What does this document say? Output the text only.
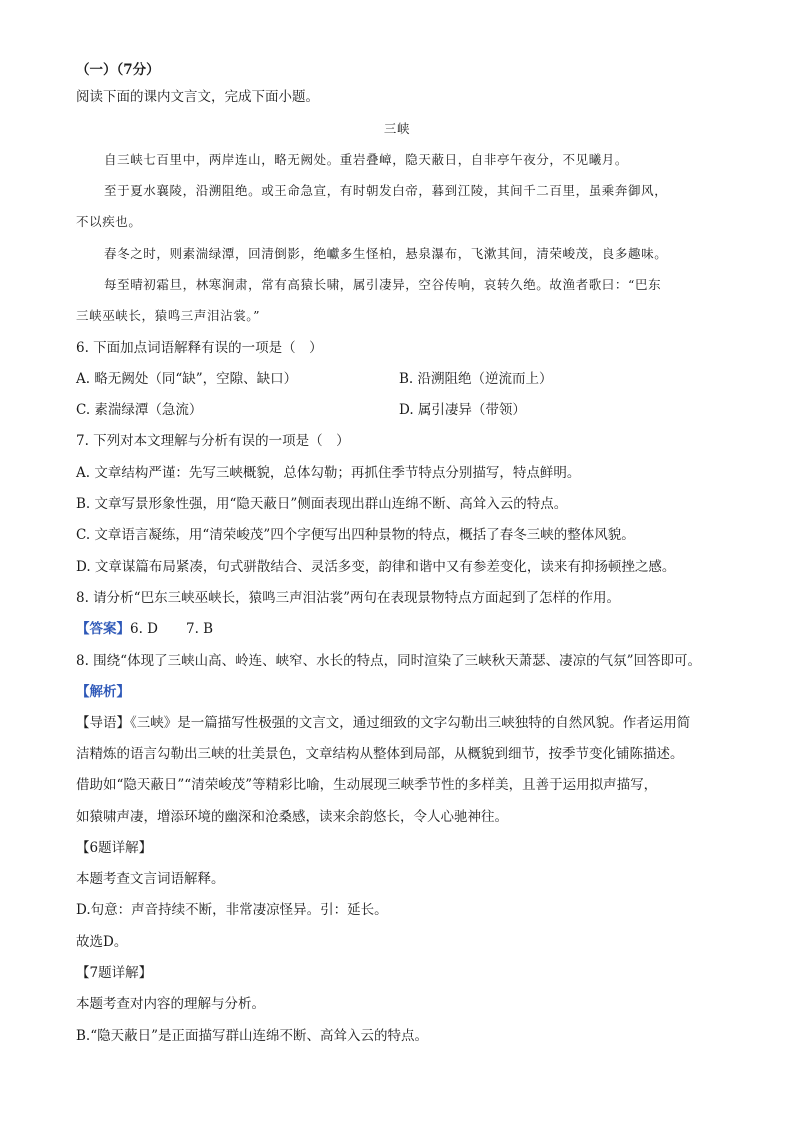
（一）（7分）
阅读下面的课内文言文，完成下面小题。
三峡
自三峡七百里中，两岸连山，略无阙处。重岩叠嶂，隐天蔽日，自非亭午夜分，不见曦月。
至于夏水襄陵，沿溯阻绝。或王命急宣，有时朝发白帝，暮到江陵，其间千二百里，虽乘奔御风，
不以疾也。
春冬之时，则素湍绿潭，回清倒影，绝巘多生怪柏，悬泉瀑布，飞漱其间，清荣峻茂，良多趣味。
每至晴初霜旦，林寒涧肃，常有高猿长啸，属引凄异，空谷传响，哀转久绝。故渔者歌曰：“巴东
三峡巫峡长，猿鸣三声泪沾裳。”
6. 下面加点词语解释有误的一项是（　）
A. 略无阙处（同“缺”，空隙、缺口）	B. 沿溯阻绝（逆流而上）
C. 素湍绿潭（急流）	D. 属引凄异（带领）
7. 下列对本文理解与分析有误的一项是（　）
A. 文章结构严谨：先写三峡概貌，总体勾勒；再抓住季节特点分别描写，特点鲜明。
B. 文章写景形象性强，用“隐天蔽日”侧面表现出群山连绵不断、高耸入云的特点。
C. 文章语言凝练，用“清荣峻茂”四个字便写出四种景物的特点，概括了春冬三峡的整体风貌。
D. 文章谋篇布局紧凑，句式骈散结合、灵活多变，韵律和谐中又有参差变化，读来有抑扬顿挫之感。
8. 请分析“巴东三峡巫峡长，猿鸣三声泪沾裳”两句在表现景物特点方面起到了怎样的作用。
【答案】6. D 7. B
8. 围绕“体现了三峡山高、岭连、峡窄、水长的特点，同时渲染了三峡秋天萧瑟、凄凉的气氛”回答即可。
【解析】
【导语】《三峡》是一篇描写性极强的文言文，通过细致的文字勾勒出三峡独特的自然风貌。作者运用简
洁精炼的语言勾勒出三峡的壮美景色，文章结构从整体到局部，从概貌到细节，按季节变化铺陈描述。
借助如“隐天蔽日”“清荣峻茂”等精彩比喻，生动展现三峡季节性的多样美，且善于运用拟声描写，
如猿啸声凄，增添环境的幽深和沧桑感，读来余韵悠长，令人心驰神往。
【6题详解】
本题考查文言词语解释。
D.句意：声音持续不断，非常凄凉怪异。引：延长。
故选D。
【7题详解】
本题考查对内容的理解与分析。
B.“隐天蔽日”是正面描写群山连绵不断、高耸入云的特点。
